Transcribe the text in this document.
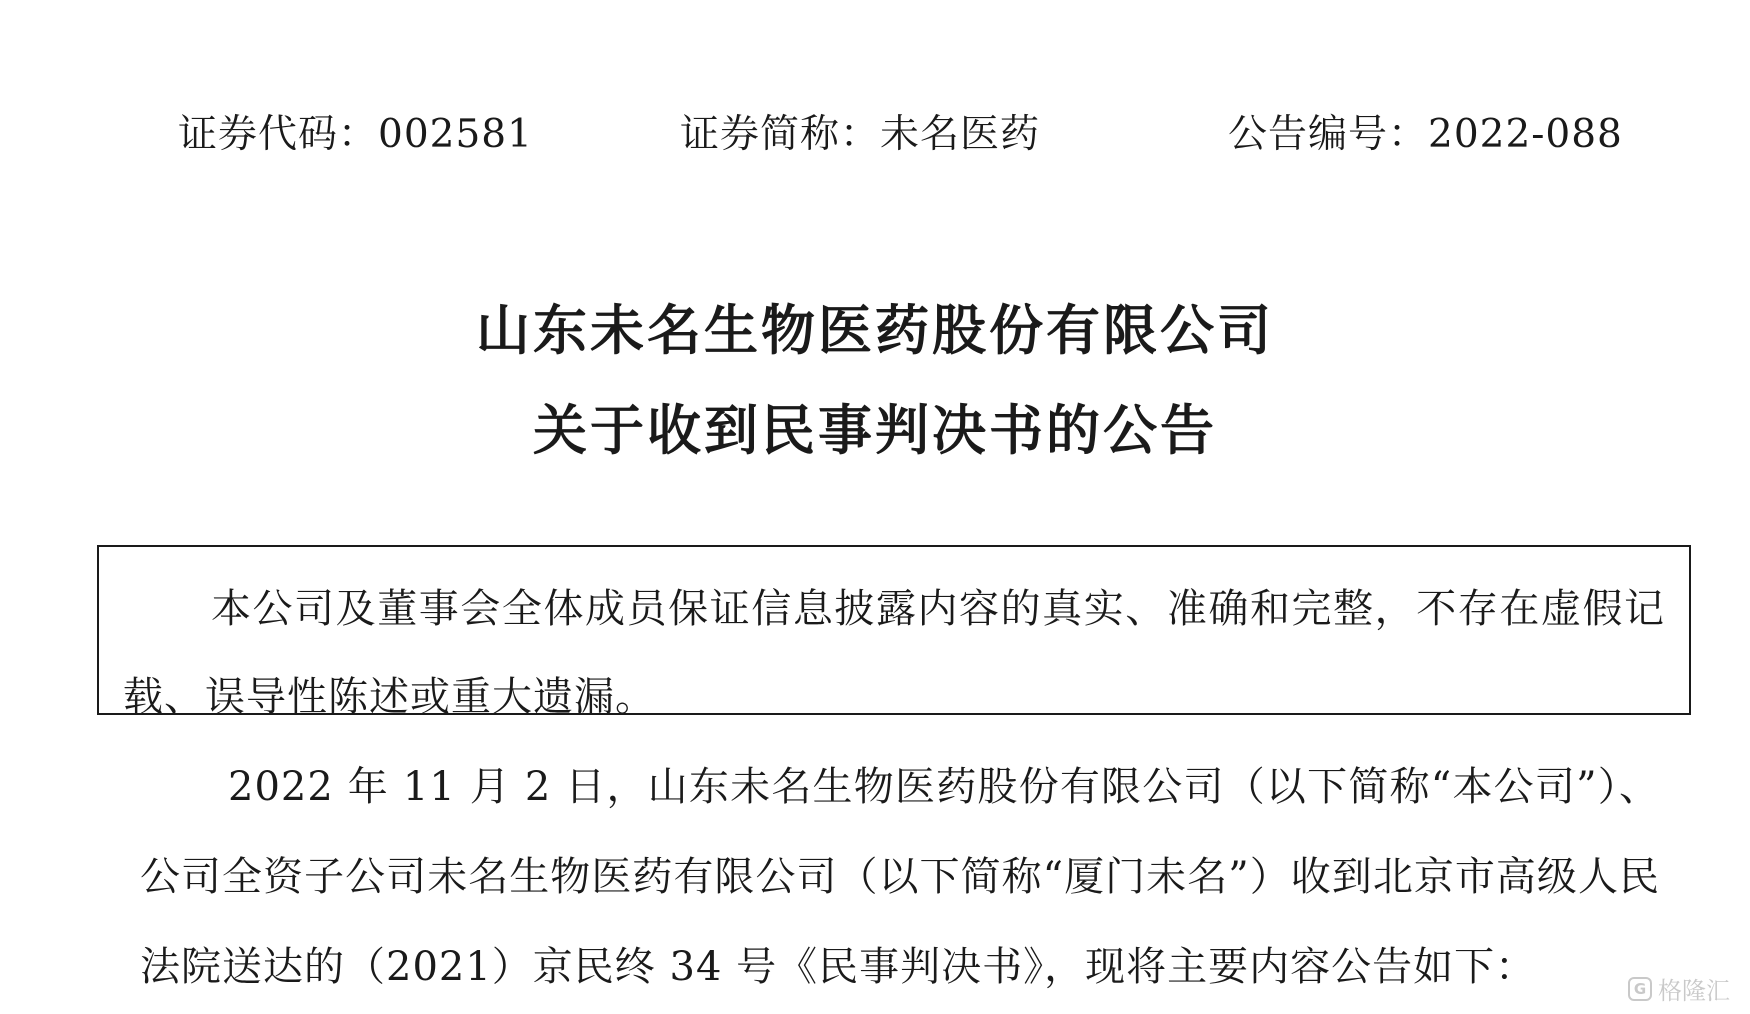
证券代码：002581	证券简称：未名医药	公告编号：2022-088
山东未名生物医药股份有限公司
关于收到民事判决书的公告
本公司及董事会全体成员保证信息披露内容的真实、准确和完整，不存在虚假记载、误导性陈述或重大遗漏。
2022 年 11 月 2 日，山东未名生物医药股份有限公司（以下简称“本公司”）、公司全资子公司未名生物医药有限公司（以下简称“厦门未名”）收到北京市高级人民法院送达的（2021）京民终 34 号《民事判决书》，现将主要内容公告如下：	G 格隆汇
